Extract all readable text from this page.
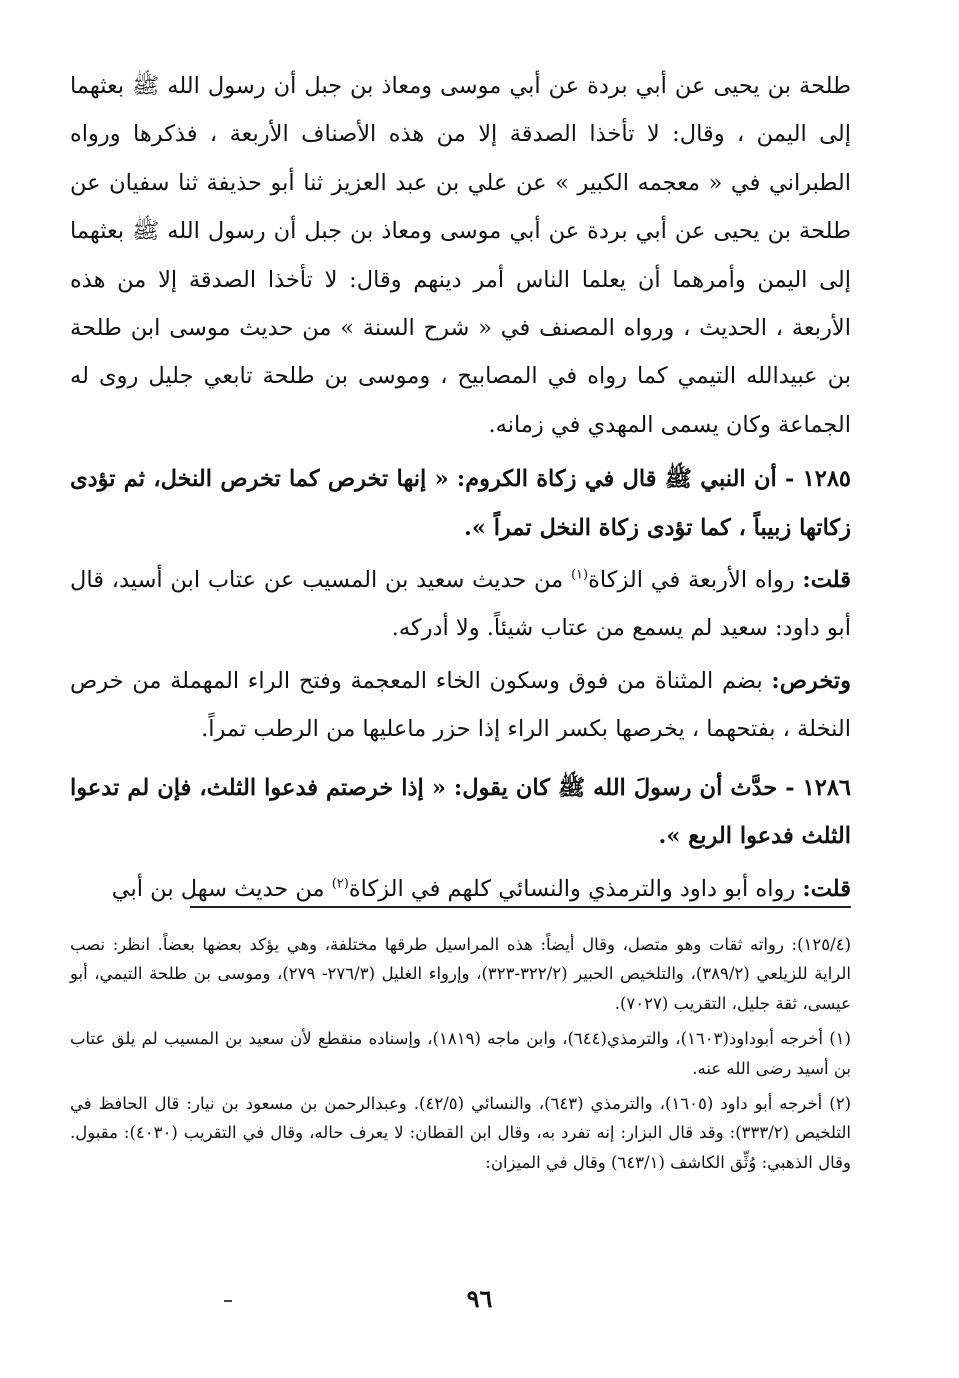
طلحة بن يحيى عن أبي بردة عن أبي موسى ومعاذ بن جبل أن رسول الله ﷺ بعثهما إلى اليمن ، وقال: لا تأخذا الصدقة إلا من هذه الأصناف الأربعة ، فذكرها ورواه الطبراني في « معجمه الكبير » عن علي بن عبد العزيز ثنا أبو حذيفة ثنا سفيان عن طلحة بن يحيى عن أبي بردة عن أبي موسى ومعاذ بن جبل أن رسول الله ﷺ بعثهما إلى اليمن وأمرهما أن يعلما الناس أمر دينهم وقال: لا تأخذا الصدقة إلا من هذه الأربعة ، الحديث ، ورواه المصنف في « شرح السنة » من حديث موسى ابن طلحة بن عبيدالله التيمي كما رواه في المصابيح ، وموسى بن طلحة تابعي جليل روى له الجماعة وكان يسمى المهدي في زمانه.

١٢٨٥ - أن النبي ﷺ قال في زكاة الكروم: « إنها تخرص كما تخرص النخل، ثم تؤدى زكاتها زبيباً ، كما تؤدى زكاة النخل تمراً ».

قلت: رواه الأربعة في الزكاة$^{(١)}$ من حديث سعيد بن المسيب عن عتاب ابن أسيد، قال أبو داود: سعيد لم يسمع من عتاب شيئاً. ولا أدركه.

وتخرص: بضم المثناة من فوق وسكون الخاء المعجمة وفتح الراء المهملة من خرص النخلة ، بفتحهما ، يخرصها بكسر الراء إذا حزر ماعليها من الرطب تمراً.

١٢٨٦ - حدَّث أن رسولَ الله ﷺ كان يقول: « إذا خرصتم فدعوا الثلث، فإن لم تدعوا الثلث فدعوا الربع ».

قلت: رواه أبو داود والترمذي والنسائي كلهم في الزكاة$^{(٢)}$ من حديث سهل بن أبي

(١٢٥/٤): رواته ثقات وهو متصل، وقال أيضاً: هذه المراسيل طرقها مختلفة، وهي يؤكد بعضها بعضاً. انظر: نصب الراية للزيلعي (٣٨٩/٢)، والتلخيص الحبير (٣٢٢/٢-٣٢٣)، وإرواء الغليل (٢٧٦/٣- ٢٧٩)، وموسى بن طلحة التيمي، أبو عيسى، ثقة جليل، التقريب (٧٠٢٧).

(١) أخرجه أبوداود(١٦٠٣)، والترمذي(٦٤٤)، وابن ماجه (١٨١٩)، وإسناده منقطع لأن سعيد بن المسيب لم يلق عتاب بن أسيد رضى الله عنه.

(٢) أخرجه أبو داود (١٦٠٥)، والترمذي (٦٤٣)، والنسائي (٤٢/٥). وعبدالرحمن بن مسعود بن نيار: قال الحافظ في التلخيص (٣٣٣/٢): وقد قال البزار: إنه تفرد به، وقال ابن القطان: لا يعرف حاله، وقال في التقريب (٤٠٣٠): مقبول. وقال الذهبي: وُثِّق الكاشف (٦٤٣/١) وقال في الميزان:

٩٦
